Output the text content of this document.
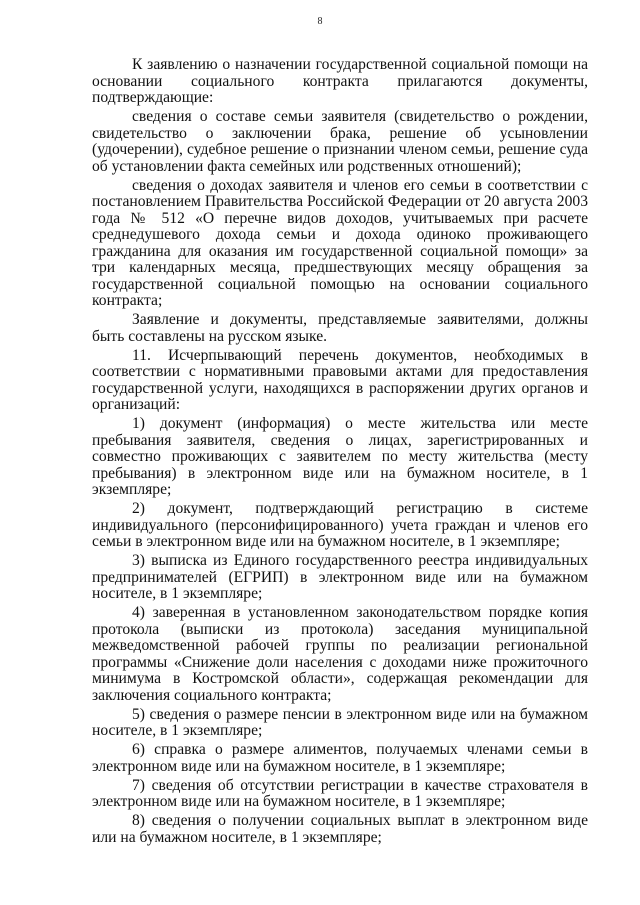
8

К заявлению о назначении государственной социальной помощи на основании социального контракта прилагаются документы, подтверждающие:

сведения о составе семьи заявителя (свидетельство о рождении, свидетельство о заключении брака, решение об усыновлении (удочерении), судебное решение о признании членом семьи, решение суда об установлении факта семейных или родственных отношений);

сведения о доходах заявителя и членов его семьи в соответствии с постановлением Правительства Российской Федерации от 20 августа 2003 года № 512 «О перечне видов доходов, учитываемых при расчете среднедушевого дохода семьи и дохода одиноко проживающего гражданина для оказания им государственной социальной помощи» за три календарных месяца, предшествующих месяцу обращения за государственной социальной помощью на основании социального контракта;

Заявление и документы, представляемые заявителями, должны быть составлены на русском языке.

11. Исчерпывающий перечень документов, необходимых в соответствии с нормативными правовыми актами для предоставления государственной услуги, находящихся в распоряжении других органов и организаций:

1) документ (информация) о месте жительства или месте пребывания заявителя, сведения о лицах, зарегистрированных и совместно проживающих с заявителем по месту жительства (месту пребывания) в электронном виде или на бумажном носителе, в 1 экземпляре;

2) документ, подтверждающий регистрацию в системе индивидуального (персонифицированного) учета граждан и членов его семьи в электронном виде или на бумажном носителе, в 1 экземпляре;

3) выписка из Единого государственного реестра индивидуальных предпринимателей (ЕГРИП) в электронном виде или на бумажном носителе, в 1 экземпляре;

4) заверенная в установленном законодательством порядке копия протокола (выписки из протокола) заседания муниципальной межведомственной рабочей группы по реализации региональной программы «Снижение доли населения с доходами ниже прожиточного минимума в Костромской области», содержащая рекомендации для заключения социального контракта;

5) сведения о размере пенсии в электронном виде или на бумажном носителе, в 1 экземпляре;

6) справка о размере алиментов, получаемых членами семьи в электронном виде или на бумажном носителе, в 1 экземпляре;

7) сведения об отсутствии регистрации в качестве страхователя в электронном виде или на бумажном носителе, в 1 экземпляре;

8) сведения о получении социальных выплат в электронном виде или на бумажном носителе, в 1 экземпляре;
